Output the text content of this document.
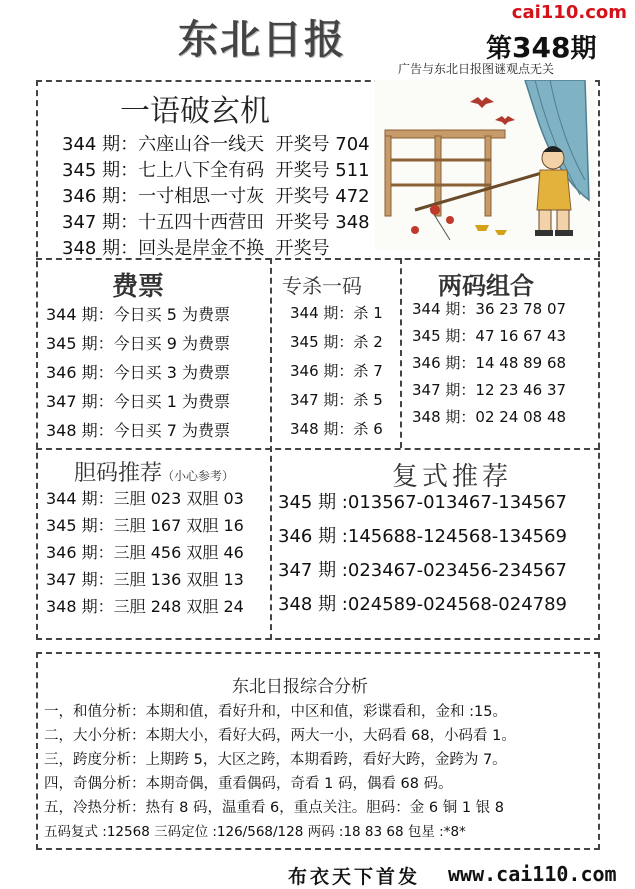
东北日报
cai110.com
第348期
广告与东北日报图谜观点无关
一语破玄机
344 期：六座山谷一线天 开奖号 704
345 期：七上八下全有码 开奖号 511
346 期：一寸相思一寸灰 开奖号 472
347 期：十五四十西营田 开奖号 348
348 期：回头是岸金不换 开奖号
费票
344 期：今日买 5 为费票
345 期：今日买 9 为费票
346 期：今日买 3 为费票
347 期：今日买 1 为费票
348 期：今日买 7 为费票
专杀一码
344 期：杀 1
345 期：杀 2
346 期：杀 7
347 期：杀 5
348 期：杀 6
两码组合
344 期：36 23 78 07
345 期：47 16 67 43
346 期：14 48 89 68
347 期：12 23 46 37
348 期：02 24 08 48
胆码推荐（小心参考）
344 期：三胆 023 双胆 03
345 期：三胆 167 双胆 16
346 期：三胆 456 双胆 46
347 期：三胆 136 双胆 13
348 期：三胆 248 双胆 24
复式推荐
345 期 :013567-013467-134567
346 期 :145688-124568-134569
347 期 :023467-023456-234567
348 期 :024589-024568-024789
东北日报综合分析
一，和值分析：本期和值，看好升和，中区和值，彩谍看和，金和 :15。
二，大小分析：本期大小，看好大码，两大一小，大码看 68，小码看 1。
三，跨度分析：上期跨 5，大区之跨，本期看跨，看好大跨，金跨为 7。
四，奇偶分析：本期奇偶，重看偶码，奇看 1 码，偶看 68 码。
五，冷热分析：热有 8 码，温重看 6，重点关注。胆码：金 6 铜 1 银 8
五码复式 :12568 三码定位 :126/568/128 两码 :18 83 68 包星 :*8*
布衣天下首发 www.cai110.com
